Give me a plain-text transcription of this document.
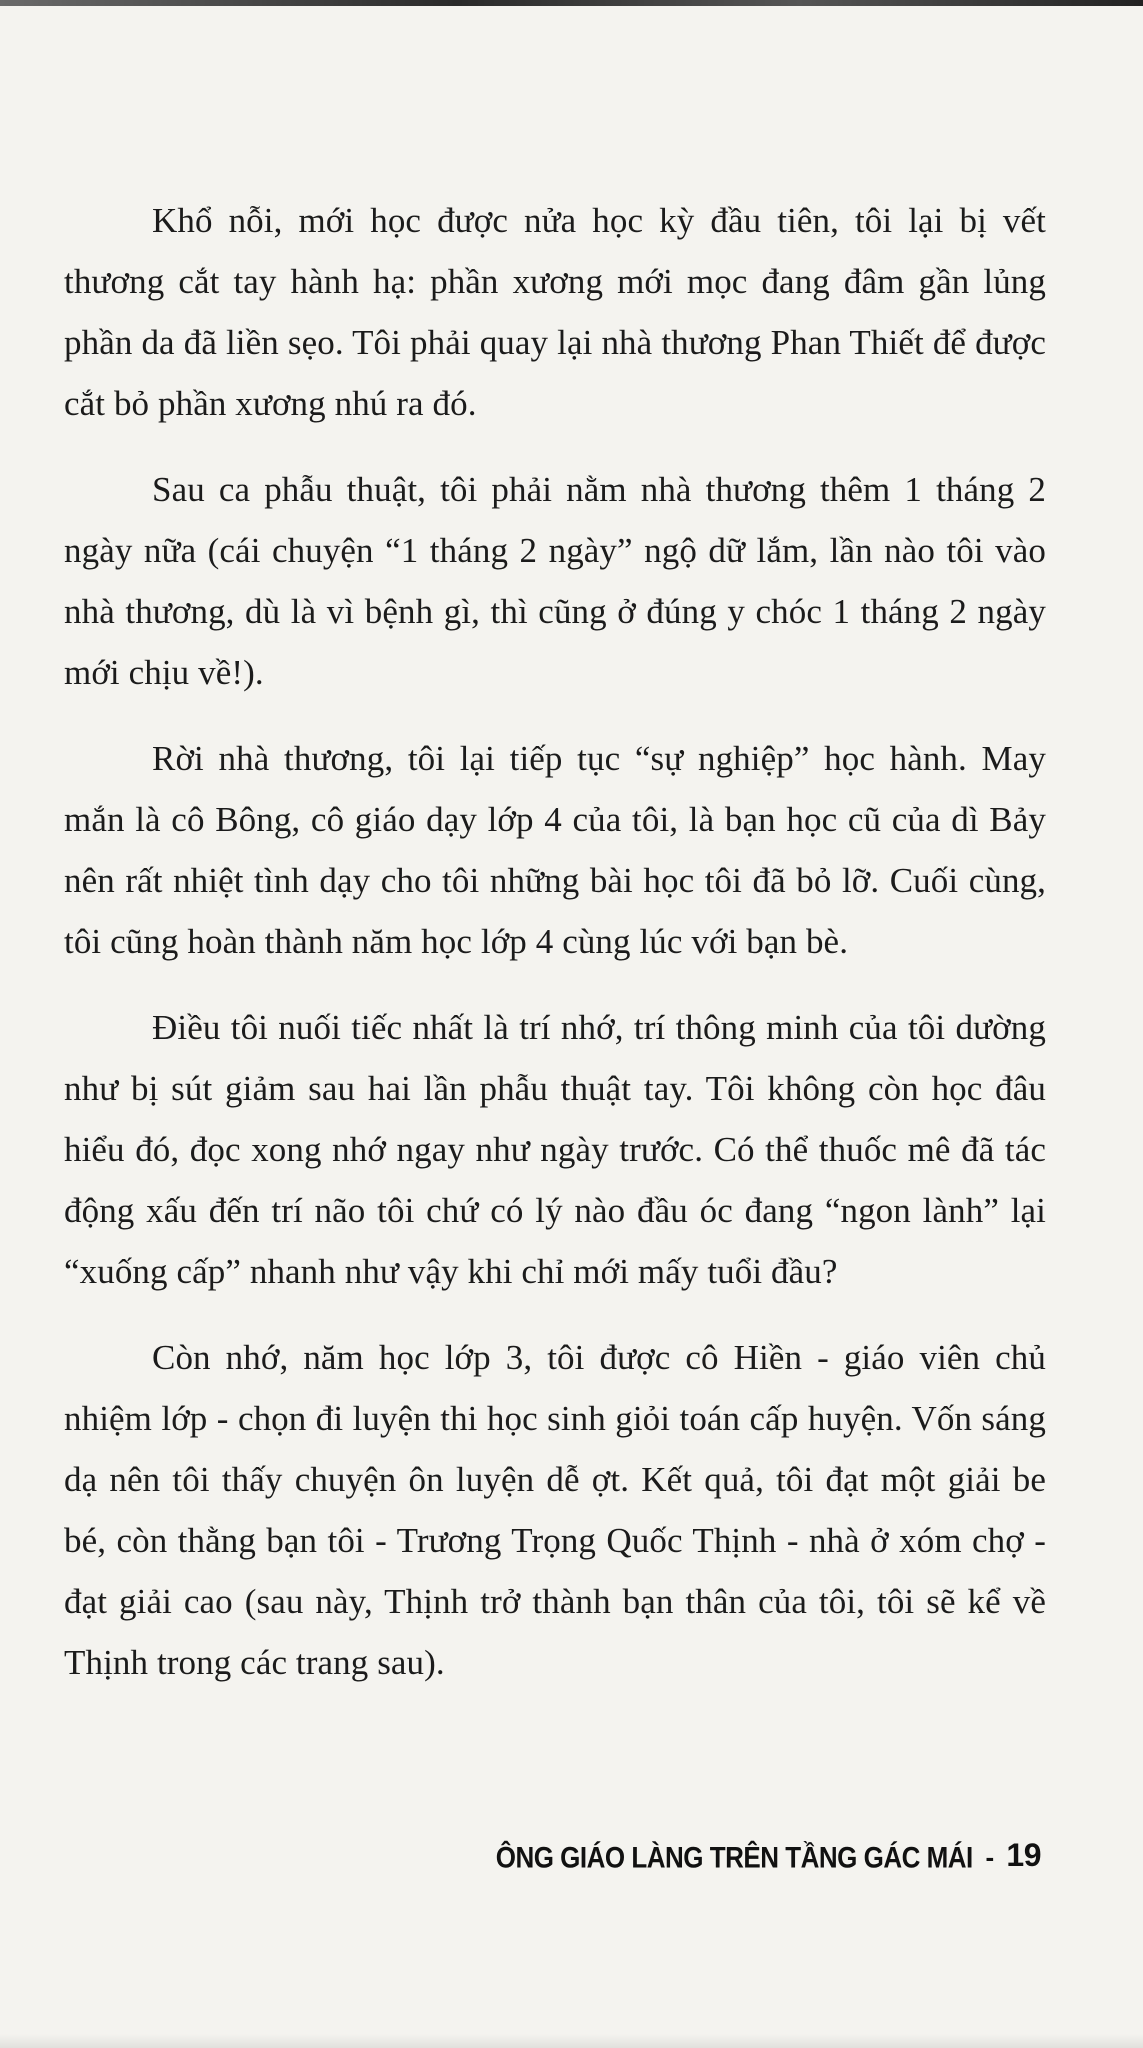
Khổ nỗi, mới học được nửa học kỳ đầu tiên, tôi lại bị vết thương cắt tay hành hạ: phần xương mới mọc đang đâm gần lủng phần da đã liền sẹo. Tôi phải quay lại nhà thương Phan Thiết để được cắt bỏ phần xương nhú ra đó.

Sau ca phẫu thuật, tôi phải nằm nhà thương thêm 1 tháng 2 ngày nữa (cái chuyện “1 tháng 2 ngày” ngộ dữ lắm, lần nào tôi vào nhà thương, dù là vì bệnh gì, thì cũng ở đúng y chóc 1 tháng 2 ngày mới chịu về!).

Rời nhà thương, tôi lại tiếp tục “sự nghiệp” học hành. May mắn là cô Bông, cô giáo dạy lớp 4 của tôi, là bạn học cũ của dì Bảy nên rất nhiệt tình dạy cho tôi những bài học tôi đã bỏ lỡ. Cuối cùng, tôi cũng hoàn thành năm học lớp 4 cùng lúc với bạn bè.

Điều tôi nuối tiếc nhất là trí nhớ, trí thông minh của tôi dường như bị sút giảm sau hai lần phẫu thuật tay. Tôi không còn học đâu hiểu đó, đọc xong nhớ ngay như ngày trước. Có thể thuốc mê đã tác động xấu đến trí não tôi chứ có lý nào đầu óc đang “ngon lành” lại “xuống cấp” nhanh như vậy khi chỉ mới mấy tuổi đầu?

Còn nhớ, năm học lớp 3, tôi được cô Hiền - giáo viên chủ nhiệm lớp - chọn đi luyện thi học sinh giỏi toán cấp huyện. Vốn sáng dạ nên tôi thấy chuyện ôn luyện dễ ợt. Kết quả, tôi đạt một giải be bé, còn thằng bạn tôi - Trương Trọng Quốc Thịnh - nhà ở xóm chợ - đạt giải cao (sau này, Thịnh trở thành bạn thân của tôi, tôi sẽ kể về Thịnh trong các trang sau).

ÔNG GIÁO LÀNG TRÊN TẦNG GÁC MÁI - 19
